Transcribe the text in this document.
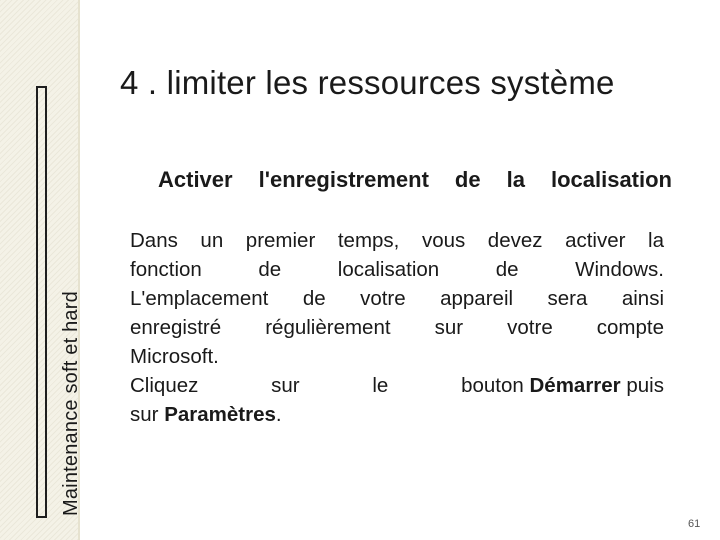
Maintenance soft et hard
4 . limiter les ressources système
Activer l'enregistrement de la localisation
Dans un premier temps, vous devez activer la
fonction de localisation de Windows.
L'emplacement de votre appareil sera ainsi
enregistré régulièrement sur votre compte
Microsoft.
Cliquez	sur	le	bouton Démarrer puis
sur Paramètres.
61
